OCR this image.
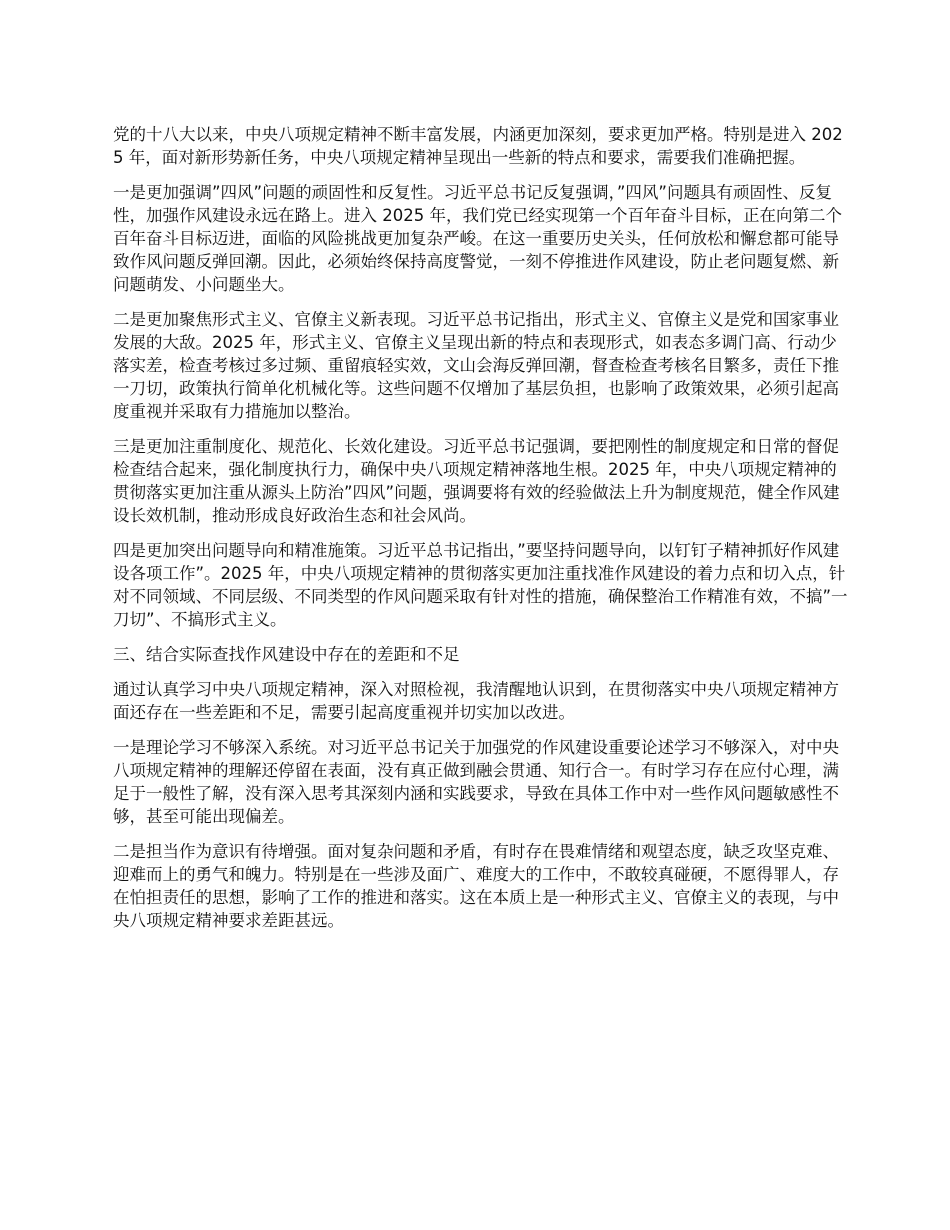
党的十八大以来，中央八项规定精神不断丰富发展，内涵更加深刻，要求更加严格。特别是进入 2025 年，面对新形势新任务，中央八项规定精神呈现出一些新的特点和要求，需要我们准确把握。

一是更加强调”四风”问题的顽固性和反复性。习近平总书记反复强调，”四风”问题具有顽固性、反复性，加强作风建设永远在路上。进入 2025 年，我们党已经实现第一个百年奋斗目标，正在向第二个百年奋斗目标迈进，面临的风险挑战更加复杂严峻。在这一重要历史关头，任何放松和懈怠都可能导致作风问题反弹回潮。因此，必须始终保持高度警觉，一刻不停推进作风建设，防止老问题复燃、新问题萌发、小问题坐大。

二是更加聚焦形式主义、官僚主义新表现。习近平总书记指出，形式主义、官僚主义是党和国家事业发展的大敌。2025 年，形式主义、官僚主义呈现出新的特点和表现形式，如表态多调门高、行动少落实差，检查考核过多过频、重留痕轻实效，文山会海反弹回潮，督查检查考核名目繁多，责任下推一刀切，政策执行简单化机械化等。这些问题不仅增加了基层负担，也影响了政策效果，必须引起高度重视并采取有力措施加以整治。

三是更加注重制度化、规范化、长效化建设。习近平总书记强调，要把刚性的制度规定和日常的督促检查结合起来，强化制度执行力，确保中央八项规定精神落地生根。2025 年，中央八项规定精神的贯彻落实更加注重从源头上防治”四风”问题，强调要将有效的经验做法上升为制度规范，健全作风建设长效机制，推动形成良好政治生态和社会风尚。

四是更加突出问题导向和精准施策。习近平总书记指出，”要坚持问题导向，以钉钉子精神抓好作风建设各项工作”。2025 年，中央八项规定精神的贯彻落实更加注重找准作风建设的着力点和切入点，针对不同领域、不同层级、不同类型的作风问题采取有针对性的措施，确保整治工作精准有效，不搞”一刀切”、不搞形式主义。

三、结合实际查找作风建设中存在的差距和不足

通过认真学习中央八项规定精神，深入对照检视，我清醒地认识到，在贯彻落实中央八项规定精神方面还存在一些差距和不足，需要引起高度重视并切实加以改进。

一是理论学习不够深入系统。对习近平总书记关于加强党的作风建设重要论述学习不够深入，对中央八项规定精神的理解还停留在表面，没有真正做到融会贯通、知行合一。有时学习存在应付心理，满足于一般性了解，没有深入思考其深刻内涵和实践要求，导致在具体工作中对一些作风问题敏感性不够，甚至可能出现偏差。

二是担当作为意识有待增强。面对复杂问题和矛盾，有时存在畏难情绪和观望态度，缺乏攻坚克难、迎难而上的勇气和魄力。特别是在一些涉及面广、难度大的工作中，不敢较真碰硬，不愿得罪人，存在怕担责任的思想，影响了工作的推进和落实。这在本质上是一种形式主义、官僚主义的表现，与中央八项规定精神要求差距甚远。
